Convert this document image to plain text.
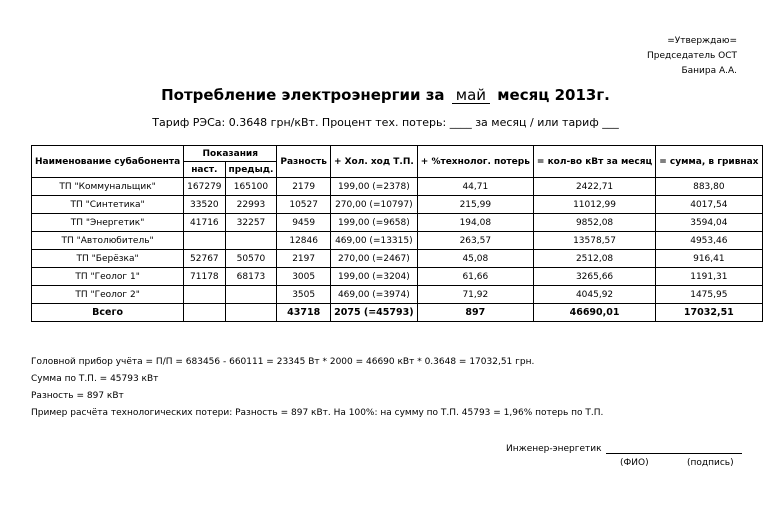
=Утверждаю=
Председатель ОСТ
Банира А.А.
Потребление электроэнергии за май месяц 2013г.
Тариф РЭСа: 0.3648 грн/кВт. Процент тех. потерь: ____ за месяц / или тариф ___
Наименование субабонента	Показания		Разность	+ Хол. ход Т.П.	+ %технолог. потерь	= кол-во кВт за месяц	= сумма, в гривнах
	наст.	предыд.					
ТП "Коммунальщик"	167279	165100	2179	199,00 (=2378)	44,71	2422,71	883,80
ТП "Синтетика"	33520	22993	10527	270,00 (=10797)	215,99	11012,99	4017,54
ТП "Энергетик"	41716	32257	9459	199,00 (=9658)	194,08	9852,08	3594,04
ТП "Автолюбитель"			12846	469,00 (=13315)	263,57	13578,57	4953,46
ТП "Берёзка"	52767	50570	2197	270,00 (=2467)	45,08	2512,08	916,41
ТП "Геолог 1"	71178	68173	3005	199,00 (=3204)	61,66	3265,66	1191,31
ТП "Геолог 2"			3505	469,00 (=3974)	71,92	4045,92	1475,95
Всего			43718	2075 (=45793)	897	46690,01	17032,51
Головной прибор учёта = П/П = 683456 - 660111 = 23345 Вт * 2000 = 46690 кВт * 0.3648 = 17032,51 грн.
Сумма по Т.П. = 45793 кВт
Разность = 897 кВт
Пример расчёта технологических потери: Разность = 897 кВт. На 100%: на сумму по Т.П. 45793 = 1,96% потерь по Т.П.
Инженер-энергетик
(ФИО)	(подпись)
